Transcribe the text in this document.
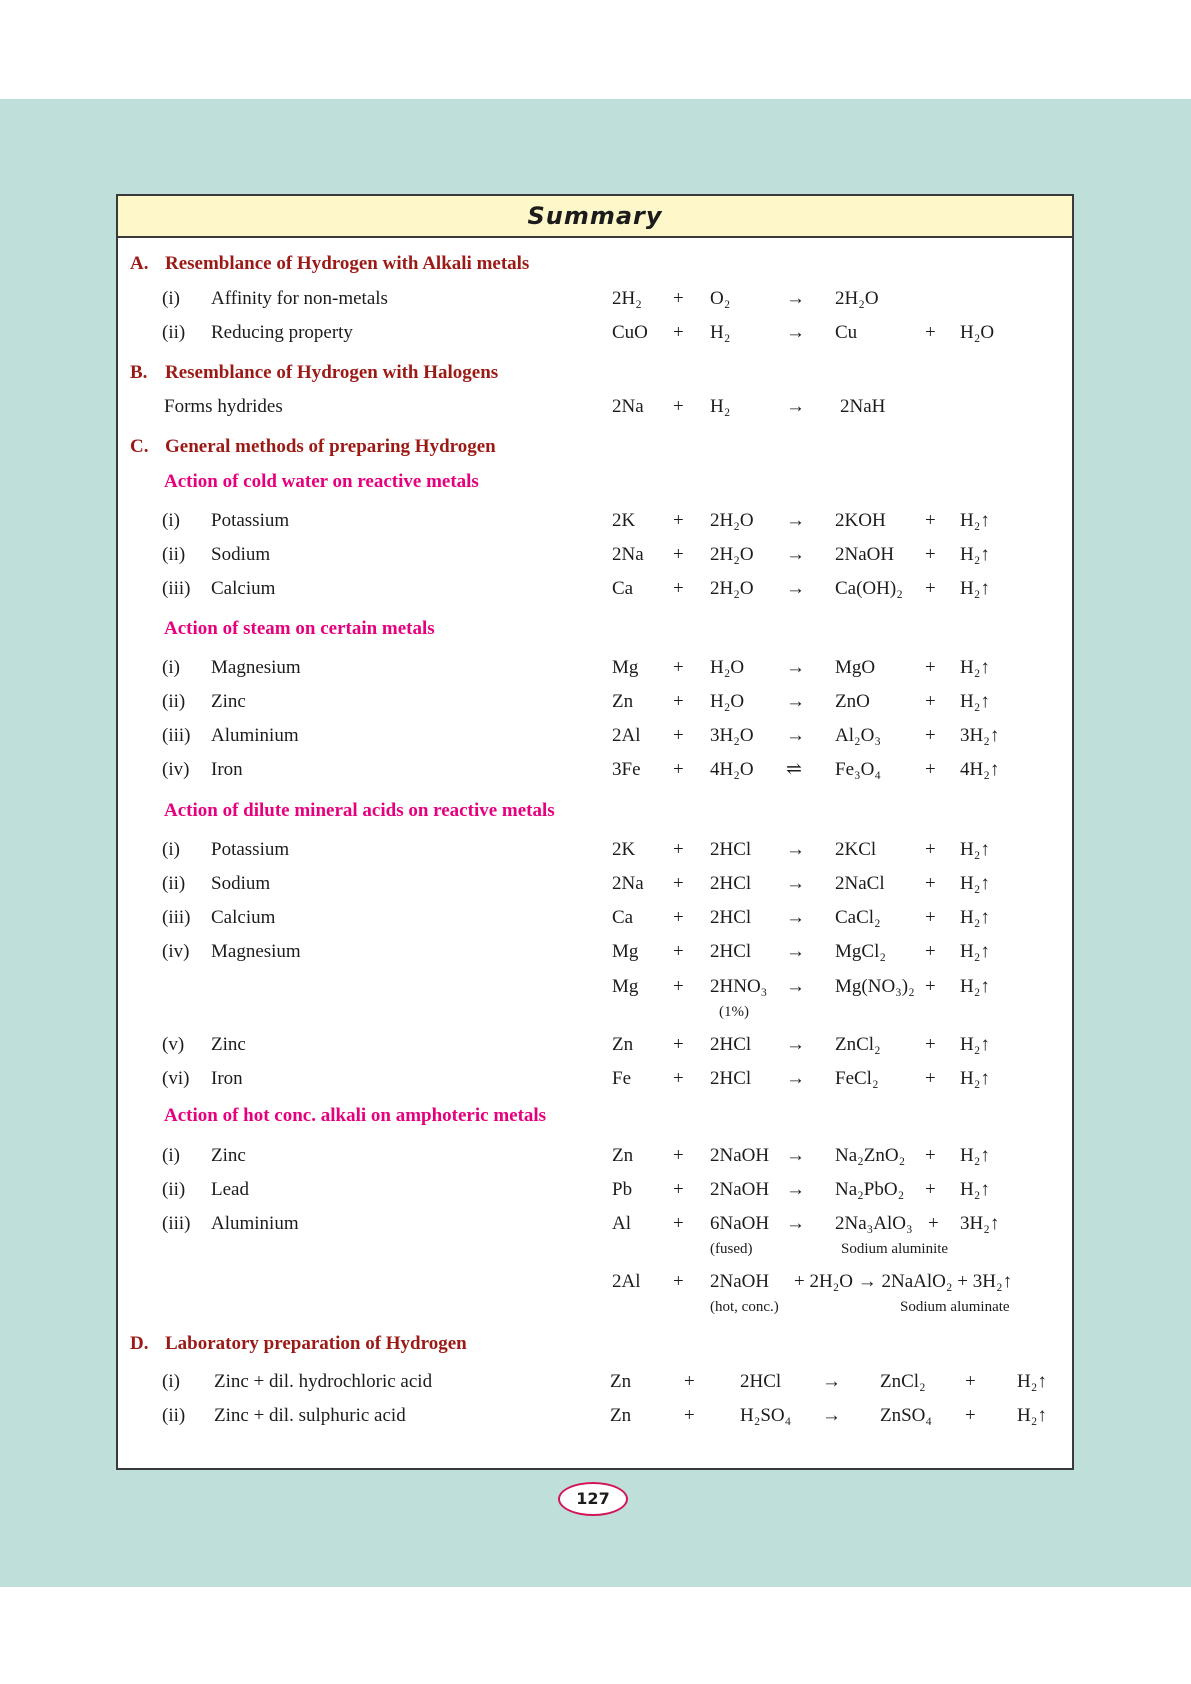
Summary
A. Resemblance of Hydrogen with Alkali metals
(i) Affinity for non-metals	2H₂ + O₂	→ 2H₂O
(ii) Reducing property	CuO + H₂	→ Cu	+ H₂O
B. Resemblance of Hydrogen with Halogens
Forms hydrides	2Na + H₂	→ 2NaH
C. General methods of preparing Hydrogen
Action of cold water on reactive metals
(i) Potassium	2K + 2H₂O → 2KOH + H₂↑
(ii) Sodium	2Na + 2H₂O → 2NaOH + H₂↑
(iii) Calcium	Ca + 2H₂O → Ca(OH)₂ + H₂↑
Action of steam on certain metals
(i) Magnesium	Mg + H₂O → MgO	+ H₂↑
(ii) Zinc	Zn + H₂O → ZnO	+ H₂↑
(iii) Aluminium	2Al + 3H₂O → Al₂O₃ + 3H₂↑
(iv) Iron	3Fe + 4H₂O ⇌ Fe₃O₄ + 4H₂↑
Action of dilute mineral acids on reactive metals
(i) Potassium	2K + 2HCl → 2KCl	+ H₂↑
(ii) Sodium	2Na + 2HCl → 2NaCl + H₂↑
(iii) Calcium	Ca + 2HCl → CaCl₂ + H₂↑
(iv) Magnesium	Mg + 2HCl → MgCl₂ + H₂↑
Mg + 2HNO₃ → Mg(NO₃)₂ + H₂↑
(1%)
(v) Zinc	Zn + 2HCl → ZnCl₂ + H₂↑
(vi) Iron	Fe + 2HCl → FeCl₂ + H₂↑
Action of hot conc. alkali on amphoteric metals
(i) Zinc	Zn + 2NaOH → Na₂ZnO₂ + H₂↑
(ii) Lead	Pb + 2NaOH → Na₂PbO₂ + H₂↑
(iii) Aluminium	Al + 6NaOH → 2Na₃AlO₃ + 3H₂↑
(fused)	Sodium aluminite
2Al + 2NaOH + 2H₂O → 2NaAlO₂ + 3H₂↑
(hot, conc.)	Sodium aluminate
D. Laboratory preparation of Hydrogen
(i) Zinc + dil. hydrochloric acid	Zn	+ 2HCl → ZnCl₂ + H₂↑
(ii) Zinc + dil. sulphuric acid	Zn	+ H₂SO₄ → ZnSO₄ + H₂↑
127
